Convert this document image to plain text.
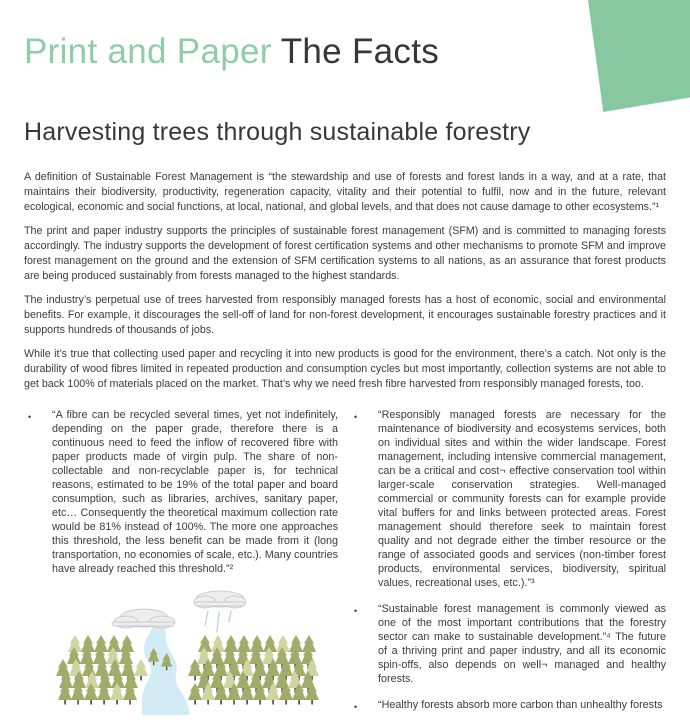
Print and Paper The Facts
Harvesting trees through sustainable forestry

A definition of Sustainable Forest Management is “the stewardship and use of forests and forest lands in a way, and at a rate, that maintains their biodiversity, productivity, regeneration capacity, vitality and their potential to fulfil, now and in the future, relevant ecological, economic and social functions, at local, national, and global levels, and that does not cause damage to other ecosystems.”¹

The print and paper industry supports the principles of sustainable forest management (SFM) and is committed to managing forests accordingly. The industry supports the development of forest certification systems and other mechanisms to promote SFM and improve forest management on the ground and the extension of SFM certification systems to all nations, as an assurance that forest products are being produced sustainably from forests managed to the highest standards.

The industry’s perpetual use of trees harvested from responsibly managed forests has a host of economic, social and environmental benefits. For example, it discourages the sell-off of land for non-forest development, it encourages sustainable forestry practices and it supports hundreds of thousands of jobs.

While it’s true that collecting used paper and recycling it into new products is good for the environment, there’s a catch. Not only is the durability of wood fibres limited in repeated production and consumption cycles but most importantly, collection systems are not able to get back 100% of materials placed on the market. That’s why we need fresh fibre harvested from responsibly managed forests, too.

•	“A fibre can be recycled several times, yet not indefinitely, depending on the paper grade, therefore there is a continuous need to feed the inflow of recovered fibre with paper products made of virgin pulp. The share of non-collectable and non-recyclable paper is, for technical reasons, estimated to be 19% of the total paper and board consumption, such as libraries, archives, sanitary paper, etc… Consequently the theoretical maximum collection rate would be 81% instead of 100%. The more one approaches this threshold, the less benefit can be made from it (long transportation, no economies of scale, etc.). Many countries have already reached this threshold.”²
•	“Responsibly managed forests are necessary for the maintenance of biodiversity and ecosystems services, both on individual sites and within the wider landscape. Forest management, including intensive commercial management, can be a critical and cost¬ effective conservation tool within larger-scale conservation strategies. Well-managed commercial or community forests can for example provide vital buffers for and links between protected areas. Forest management should therefore seek to maintain forest quality and not degrade either the timber resource or the range of associated goods and services (non-timber forest products, environmental services, biodiversity, spiritual values, recreational uses, etc.).”³
•	“Sustainable forest management is commonly viewed as one of the most important contributions that the forestry sector can make to sustainable development.”⁴ The future of a thriving print and paper industry, and all its economic spin-offs, also depends on well¬ managed and healthy forests.
•	“Healthy forests absorb more carbon than unhealthy forests
